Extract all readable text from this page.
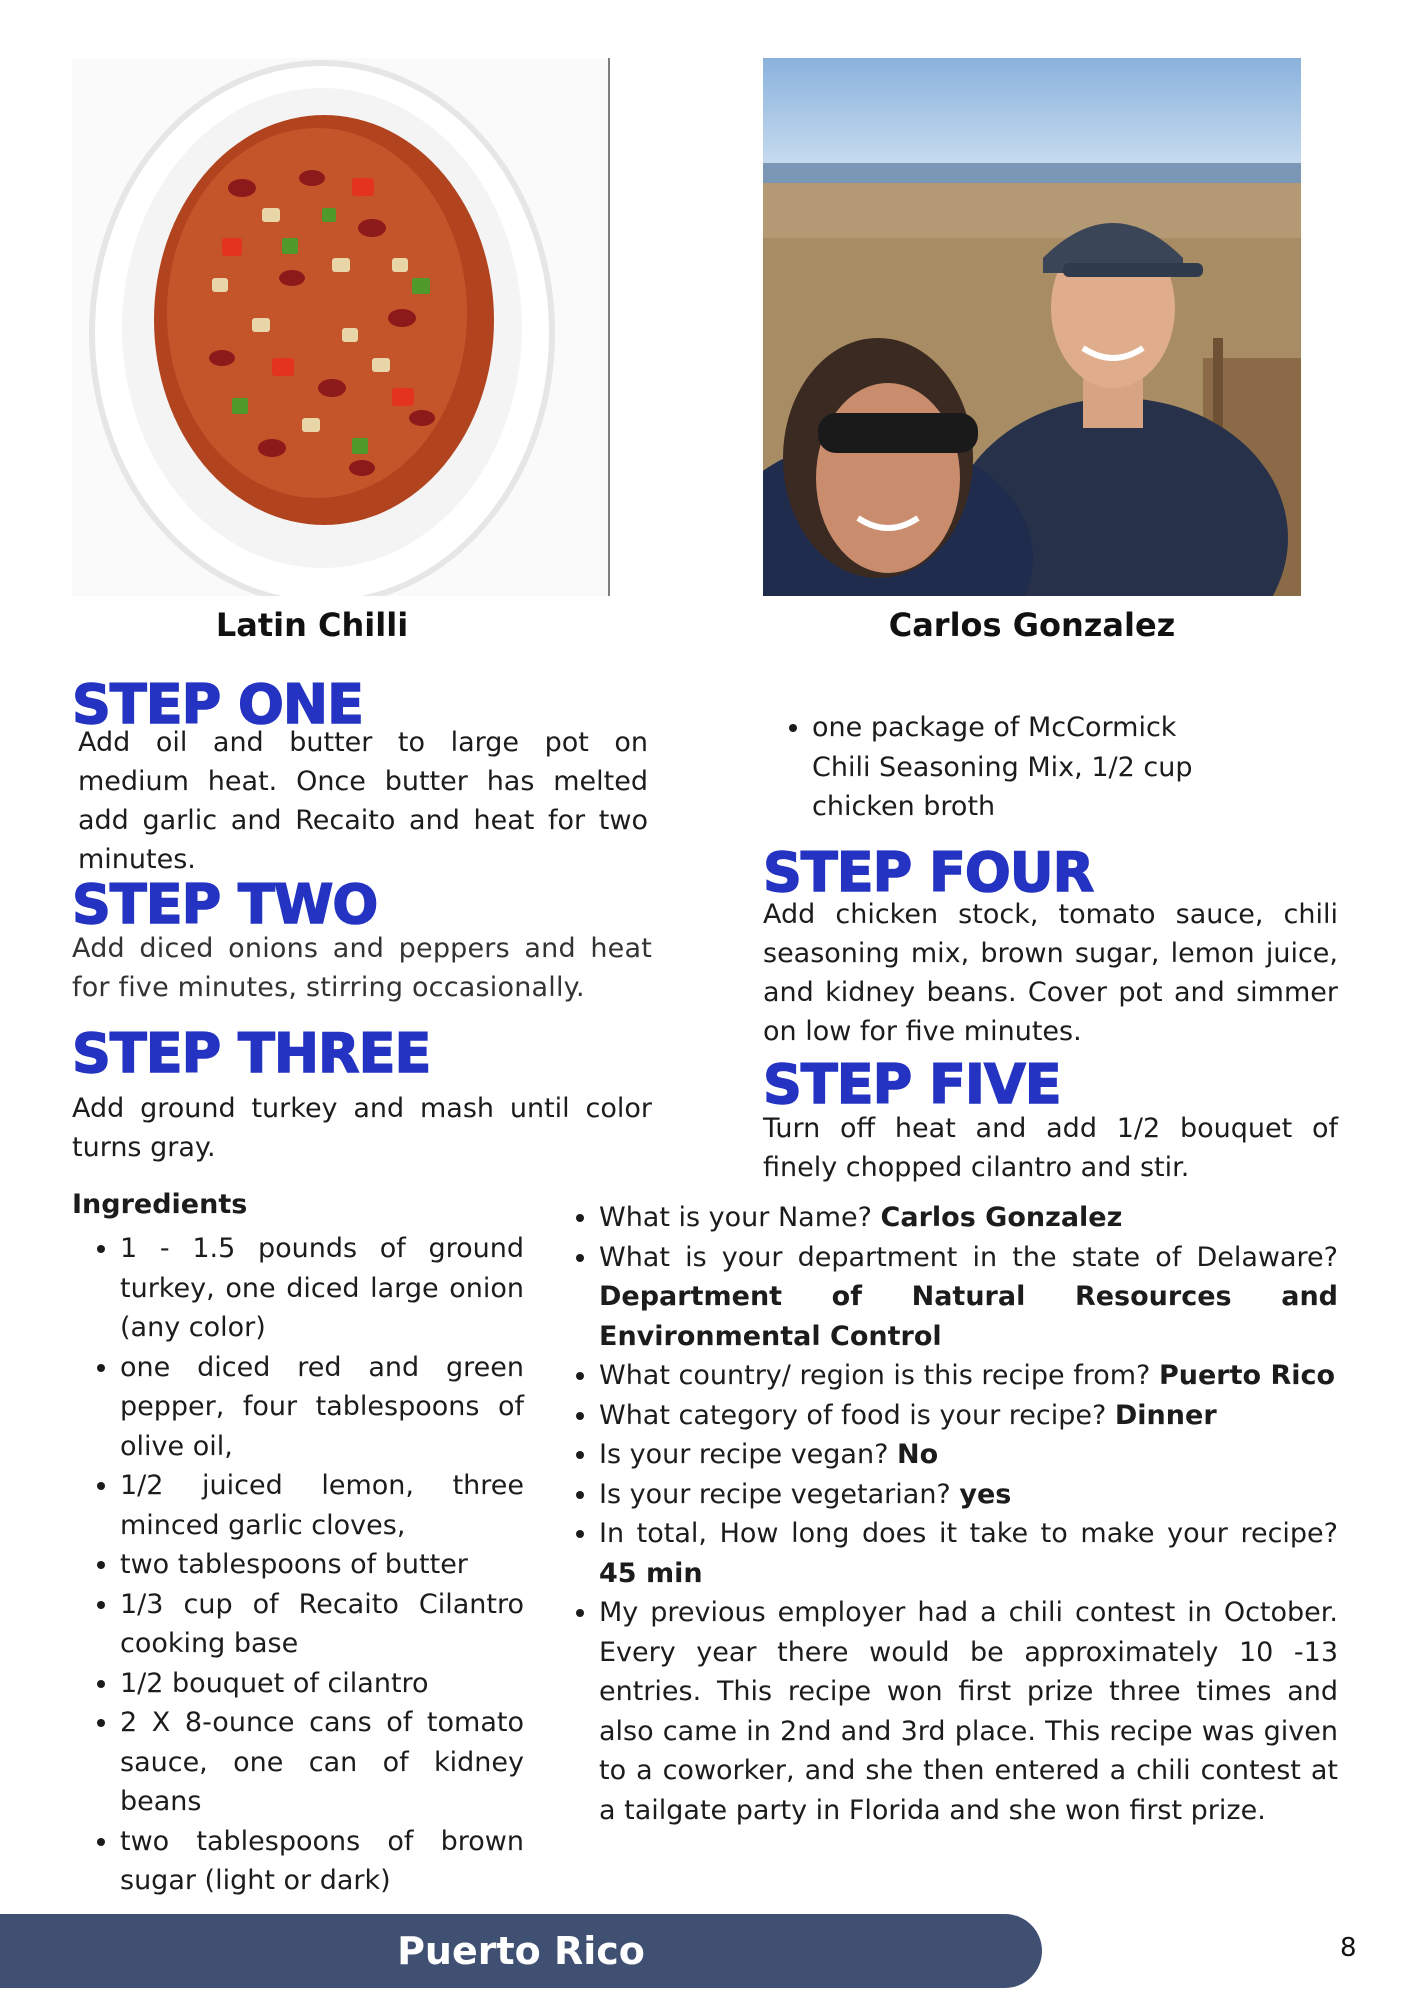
Latin Chilli	Carlos Gonzalez
STEP ONE
Add oil and butter to large pot on medium heat. Once butter has melted add garlic and Recaito and heat for two minutes.
STEP TWO
Add diced onions and peppers and heat for five minutes, stirring occasionally.
STEP THREE
Add ground turkey and mash until color turns gray.
• one package of McCormick Chili Seasoning Mix, 1/2 cup chicken broth
STEP FOUR
Add chicken stock, tomato sauce, chili seasoning mix, brown sugar, lemon juice, and kidney beans. Cover pot and simmer on low for five minutes.
STEP FIVE
Turn off heat and add 1/2 bouquet of finely chopped cilantro and stir.
Ingredients
• 1 - 1.5 pounds of ground turkey, one diced large onion (any color)
• one diced red and green pepper, four tablespoons of olive oil,
• 1/2 juiced lemon, three minced garlic cloves,
• two tablespoons of butter
• 1/3 cup of Recaito Cilantro cooking base
• 1/2 bouquet of cilantro
• 2 X 8-ounce cans of tomato sauce, one can of kidney beans
• two tablespoons of brown sugar (light or dark)
•
• What is your Name? Carlos Gonzalez
• What is your department in the state of Delaware? Department of Natural Resources and Environmental Control
• What country/ region is this recipe from? Puerto Rico
• What category of food is your recipe? Dinner
• Is your recipe vegan? No
• Is your recipe vegetarian? yes
• In total, How long does it take to make your recipe? 45 min
• My previous employer had a chili contest in October. Every year there would be approximately 10 -13 entries. This recipe won first prize three times and also came in 2nd and 3rd place. This recipe was given to a coworker, and she then entered a chili contest at a tailgate party in Florida and she won first prize.
Puerto Rico	8
